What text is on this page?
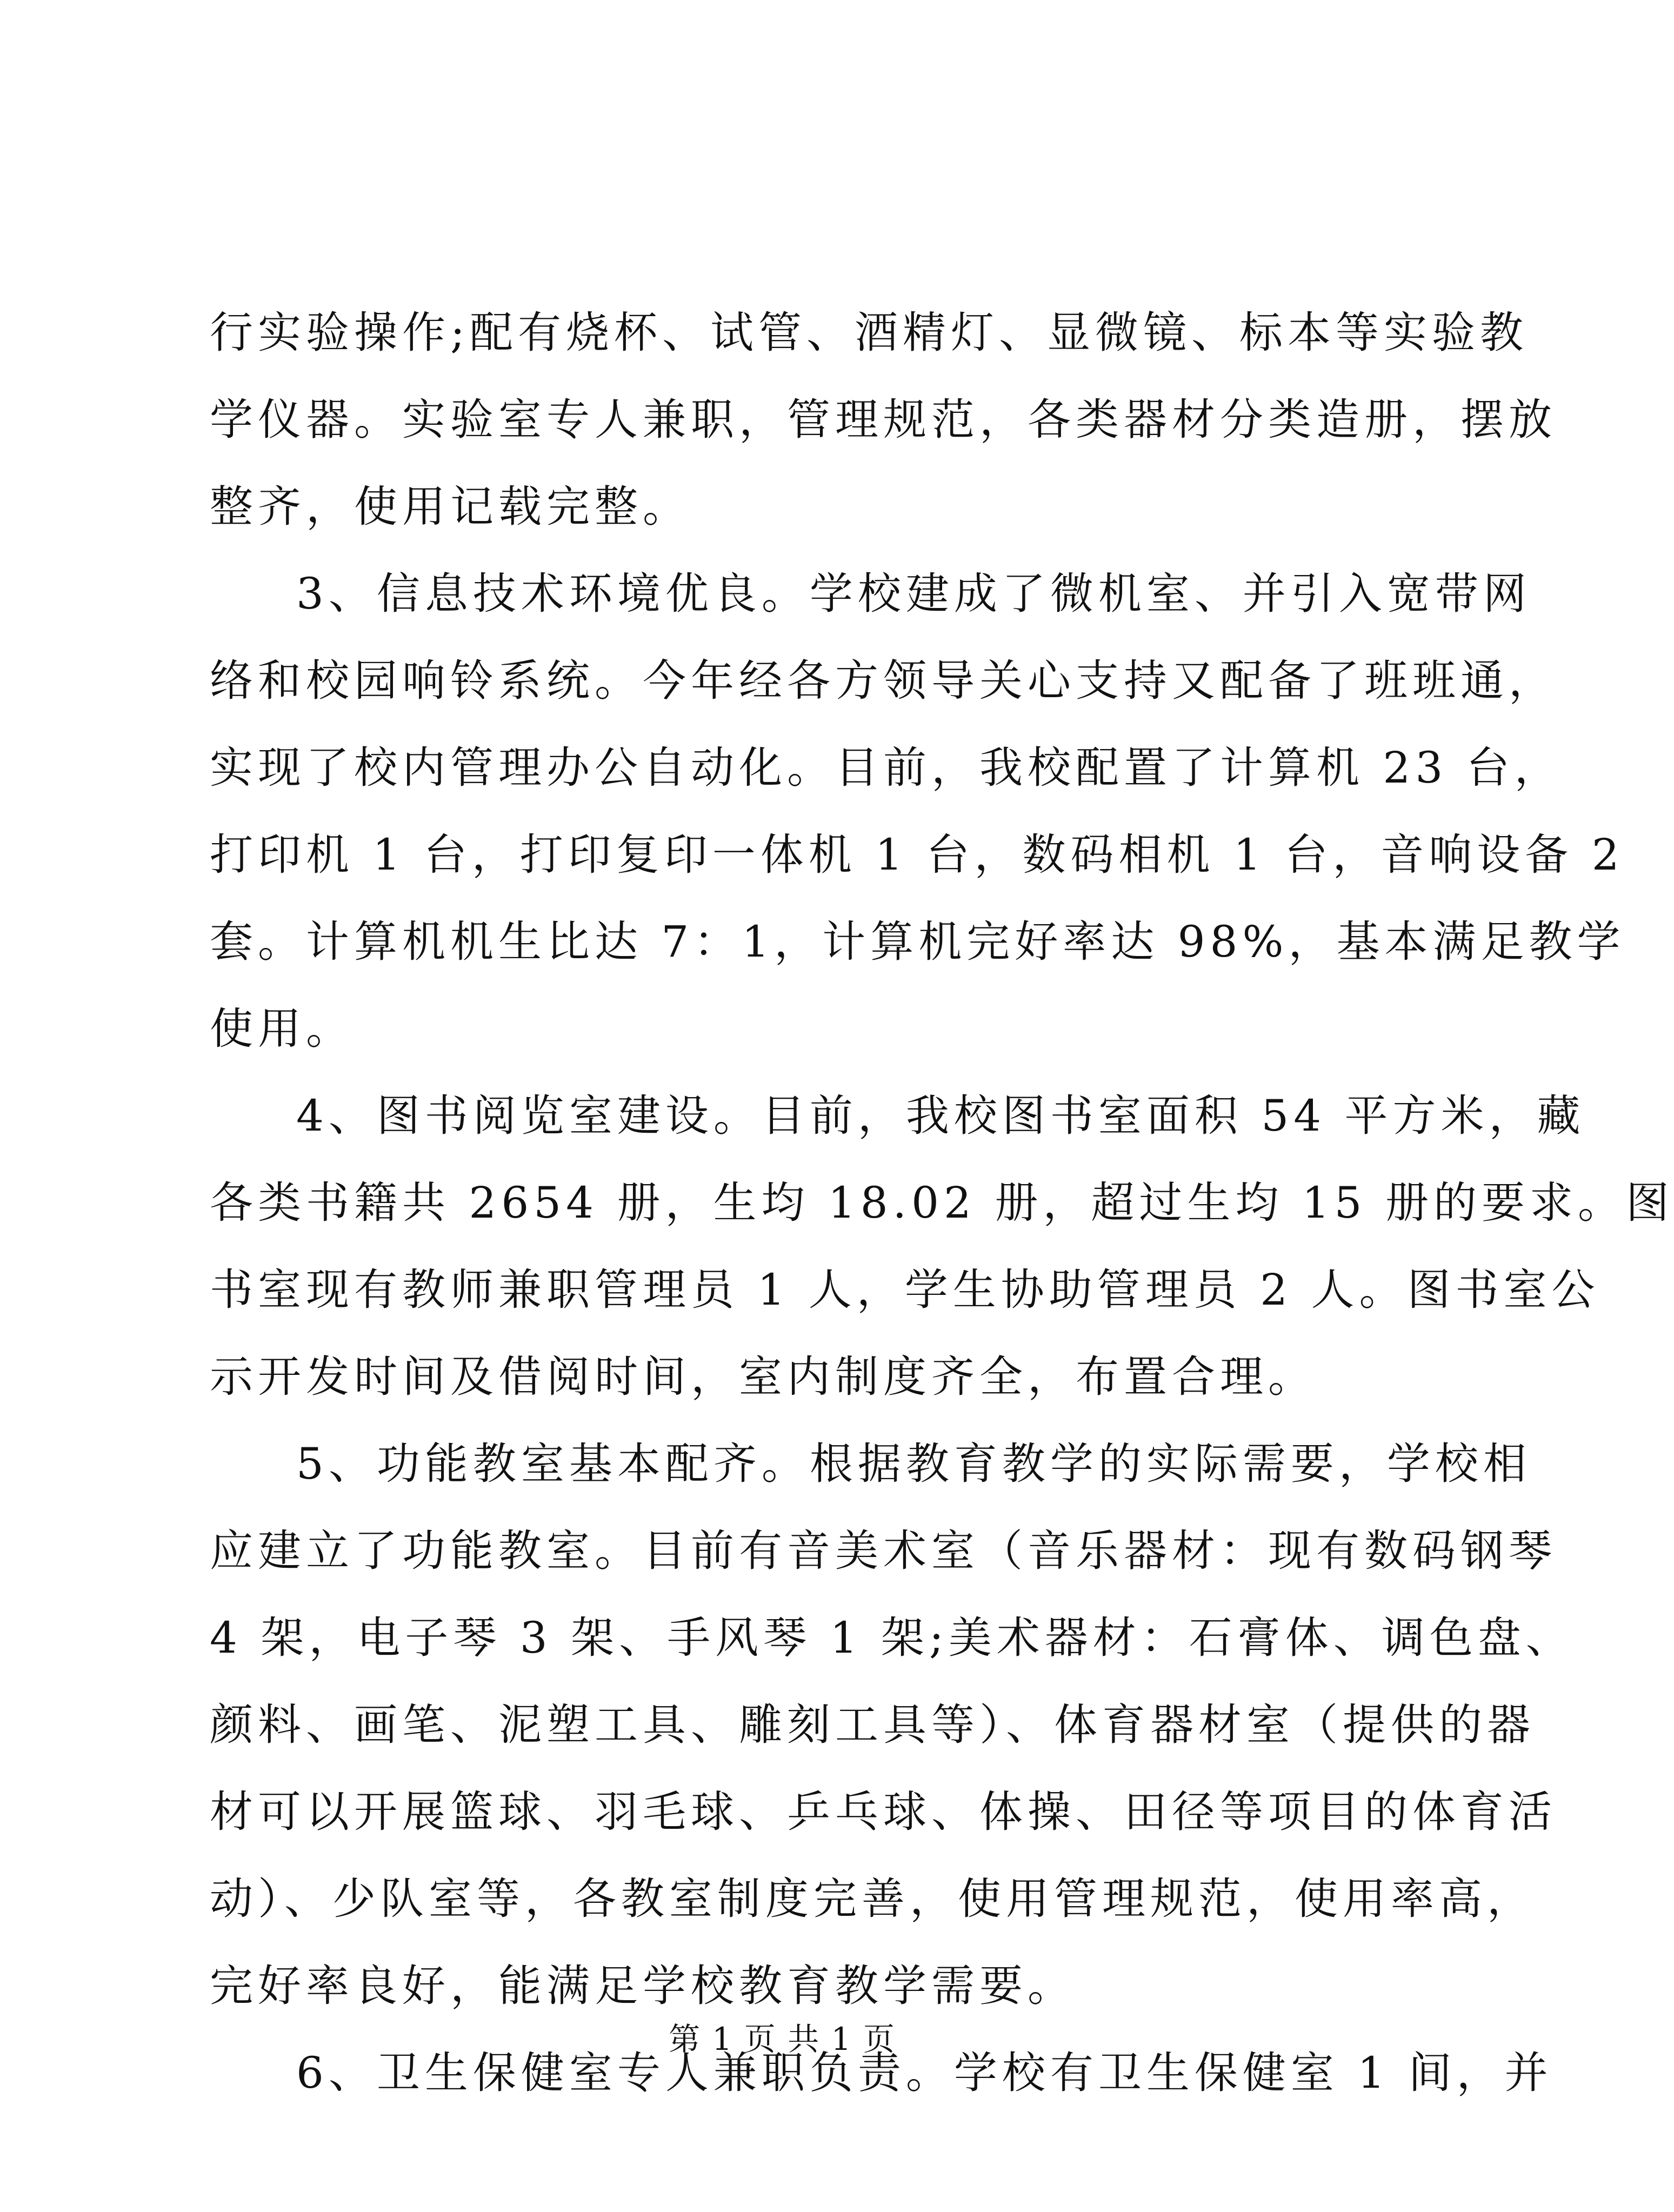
行实验操作;配有烧杯、试管、酒精灯、显微镜、标本等实验教
学仪器。实验室专人兼职，管理规范，各类器材分类造册，摆放
整齐，使用记载完整。
3、信息技术环境优良。学校建成了微机室、并引入宽带网
络和校园响铃系统。今年经各方领导关心支持又配备了班班通，
实现了校内管理办公自动化。目前，我校配置了计算机 23 台，
打印机 1 台，打印复印一体机 1 台，数码相机 1 台，音响设备 2
套。计算机机生比达 7：1，计算机完好率达 98%，基本满足教学
使用。
4、图书阅览室建设。目前，我校图书室面积 54 平方米，藏
各类书籍共 2654 册，生均 18.02 册，超过生均 15 册的要求。图
书室现有教师兼职管理员 1 人，学生协助管理员 2 人。图书室公
示开发时间及借阅时间，室内制度齐全，布置合理。
5、功能教室基本配齐。根据教育教学的实际需要，学校相
应建立了功能教室。目前有音美术室（音乐器材：现有数码钢琴
4 架，电子琴 3 架、手风琴 1 架;美术器材：石膏体、调色盘、
颜料、画笔、泥塑工具、雕刻工具等）、体育器材室（提供的器
材可以开展篮球、羽毛球、乒乓球、体操、田径等项目的体育活
动）、少队室等，各教室制度完善，使用管理规范，使用率高，
完好率良好，能满足学校教育教学需要。
6、卫生保健室专人兼职负责。学校有卫生保健室 1 间，并
第 1 页 共 1 页
